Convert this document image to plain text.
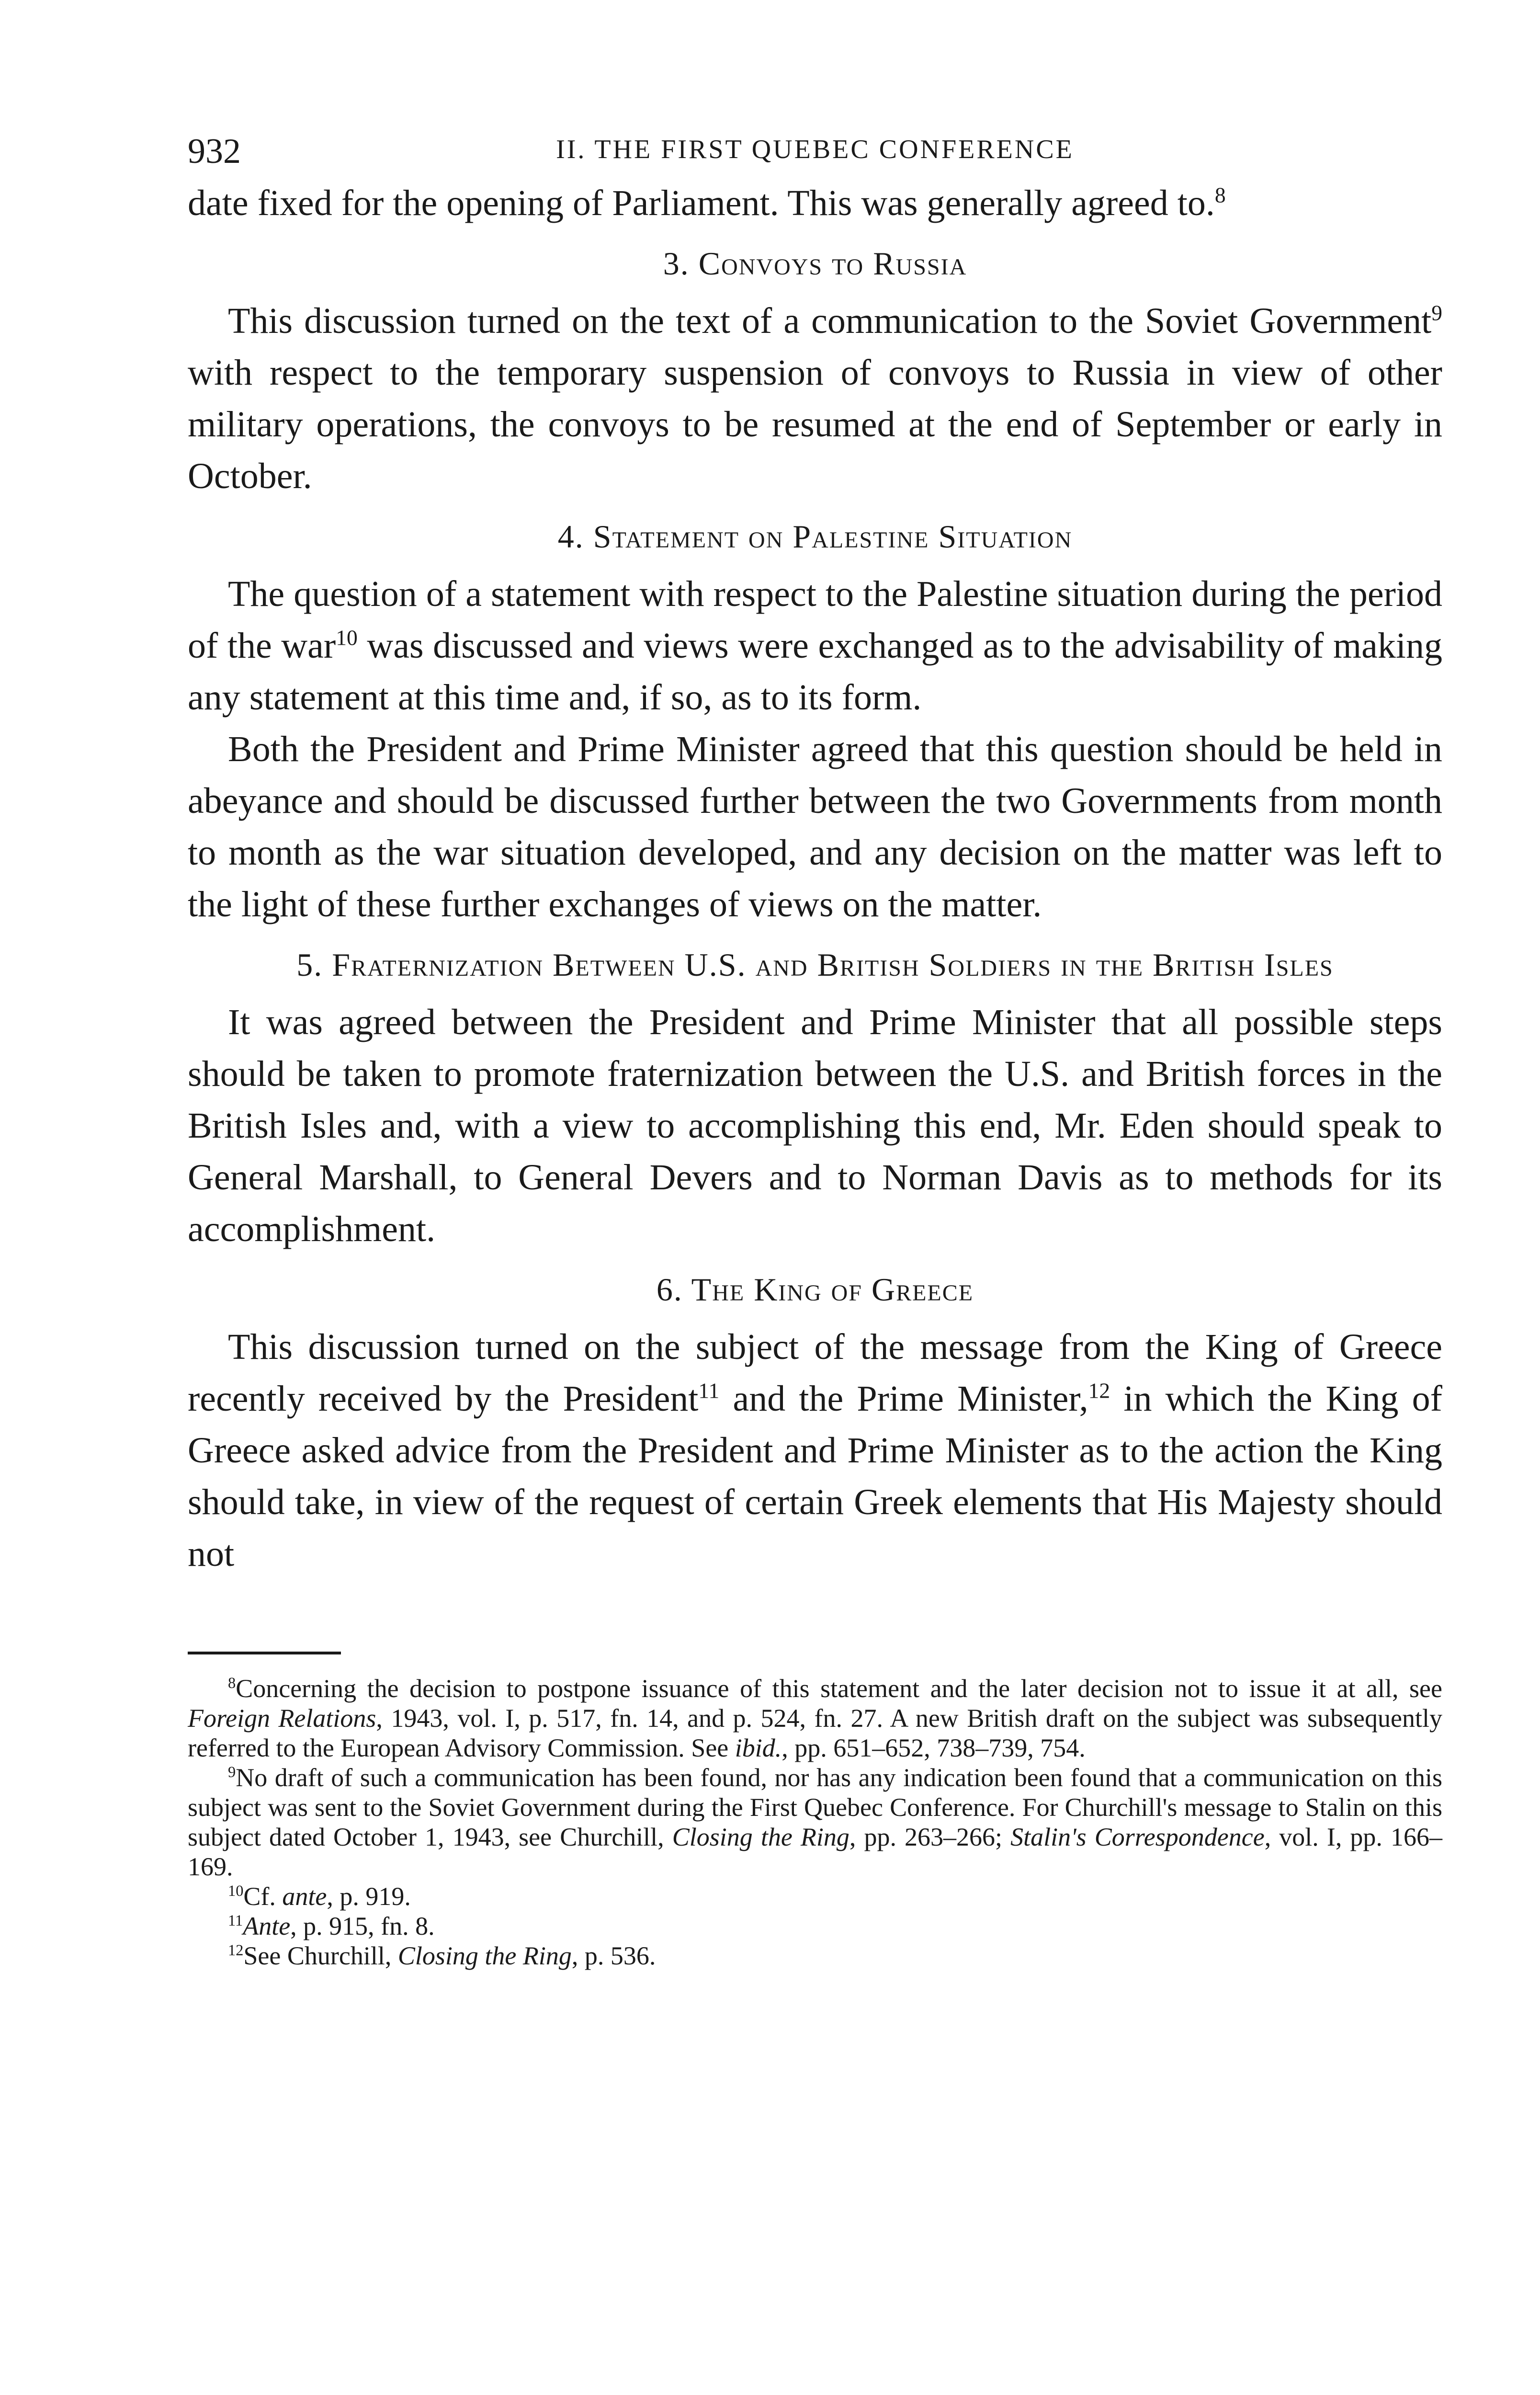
932	II. THE FIRST QUEBEC CONFERENCE

date fixed for the opening of Parliament. This was generally agreed to.$^8$

3. Convoys to Russia

This discussion turned on the text of a communication to the Soviet Government$^9$ with respect to the temporary suspension of convoys to Russia in view of other military operations, the convoys to be resumed at the end of September or early in October.

4. Statement on Palestine Situation

The question of a statement with respect to the Palestine situation during the period of the war$^{10}$ was discussed and views were exchanged as to the advisability of making any statement at this time and, if so, as to its form.

Both the President and Prime Minister agreed that this question should be held in abeyance and should be discussed further between the two Governments from month to month as the war situation developed, and any decision on the matter was left to the light of these further exchanges of views on the matter.

5. Fraternization Between U.S. and British Soldiers in the British Isles

It was agreed between the President and Prime Minister that all possible steps should be taken to promote fraternization between the U.S. and British forces in the British Isles and, with a view to accomplishing this end, Mr. Eden should speak to General Marshall, to General Devers and to Norman Davis as to methods for its accomplishment.

6. The King of Greece

This discussion turned on the subject of the message from the King of Greece recently received by the President$^{11}$ and the Prime Minister,$^{12}$ in which the King of Greece asked advice from the President and Prime Minister as to the action the King should take, in view of the request of certain Greek elements that His Majesty should not

$^8$Concerning the decision to postpone issuance of this statement and the later decision not to issue it at all, see Foreign Relations, 1943, vol. I, p. 517, fn. 14, and p. 524, fn. 27. A new British draft on the subject was subsequently referred to the European Advisory Commission. See ibid., pp. 651–652, 738–739, 754.

$^9$No draft of such a communication has been found, nor has any indication been found that a communication on this subject was sent to the Soviet Government during the First Quebec Conference. For Churchill's message to Stalin on this subject dated October 1, 1943, see Churchill, Closing the Ring, pp. 263–266; Stalin's Correspondence, vol. I, pp. 166–169.

$^{10}$Cf. ante, p. 919.

$^{11}$Ante, p. 915, fn. 8.

$^{12}$See Churchill, Closing the Ring, p. 536.
